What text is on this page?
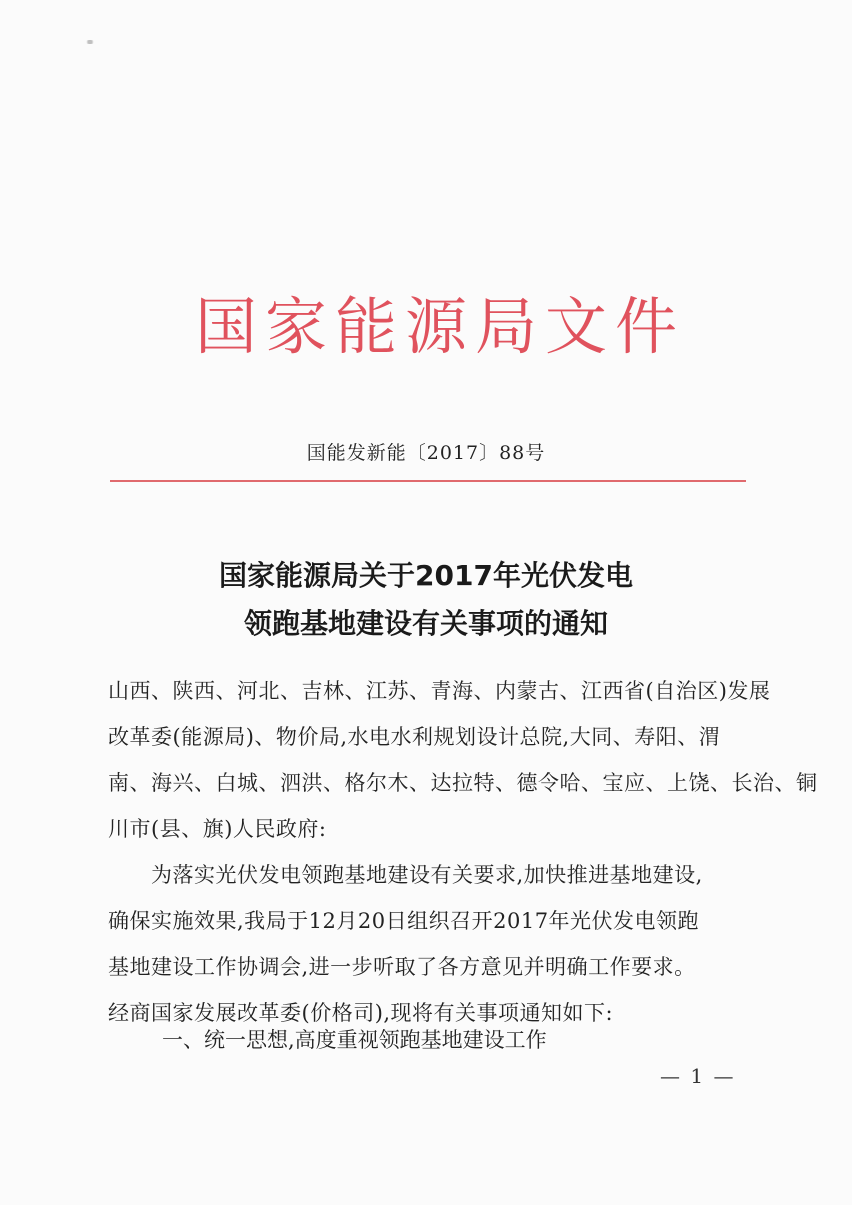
国家能源局文件
国能发新能〔2017〕88号
国家能源局关于2017年光伏发电
领跑基地建设有关事项的通知
山西、陕西、河北、吉林、江苏、青海、内蒙古、江西省(自治区)发展
改革委(能源局)、物价局,水电水利规划设计总院,大同、寿阳、渭
南、海兴、白城、泗洪、格尔木、达拉特、德令哈、宝应、上饶、长治、铜
川市(县、旗)人民政府:
　　为落实光伏发电领跑基地建设有关要求,加快推进基地建设,
确保实施效果,我局于12月20日组织召开2017年光伏发电领跑
基地建设工作协调会,进一步听取了各方意见并明确工作要求。
经商国家发展改革委(价格司),现将有关事项通知如下:
一、统一思想,高度重视领跑基地建设工作
— 1 —
